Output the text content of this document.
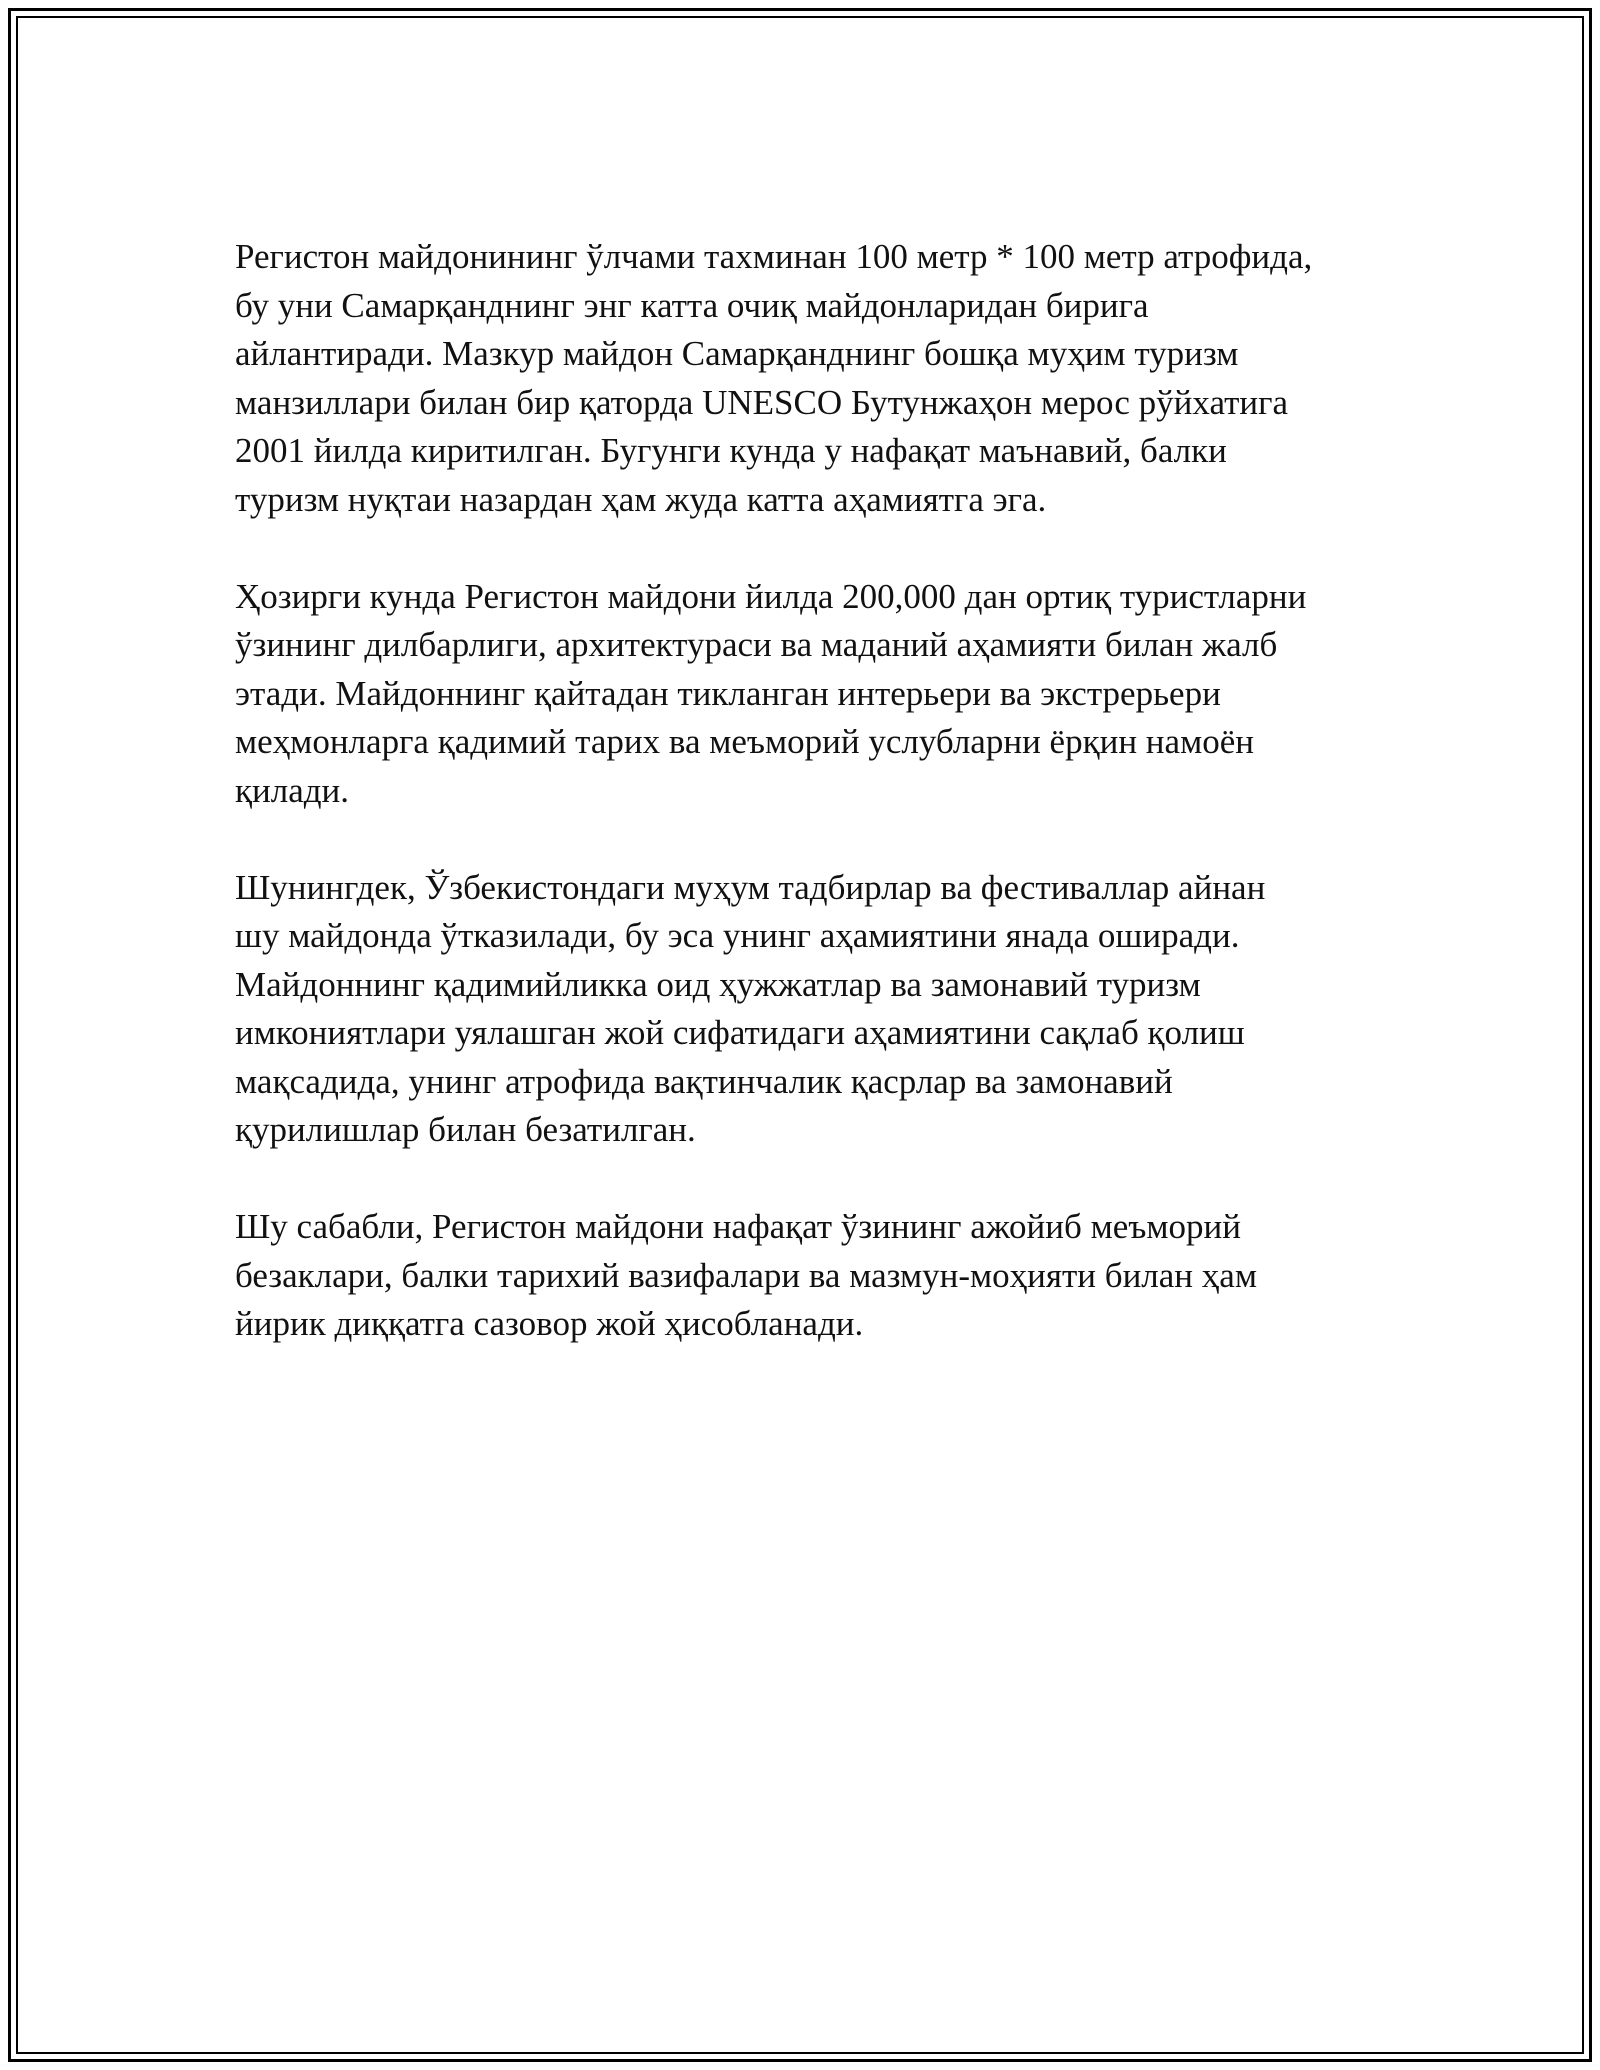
Регистон майдонининг ўлчами тахминан 100 метр * 100 метр атрофида,
бу уни Самарқанднинг энг катта очиқ майдонларидан бирига
айлантиради. Мазкур майдон Самарқанднинг бошқа муҳим туризм
манзиллари билан бир қаторда UNESCO Бутунжаҳон мерос рўйхатига
2001 йилда киритилган. Бугунги кунда у нафақат маънавий, балки
туризм нуқтаи назардан ҳам жуда катта аҳамиятга эга.

Ҳозирги кунда Регистон майдони йилда 200,000 дан ортиқ туристларни
ўзининг дилбарлиги, архитектураси ва маданий аҳамияти билан жалб
этади. Майдоннинг қайтадан тикланган интерьери ва экстрерьери
меҳмонларга қадимий тарих ва меъморий услубларни ёрқин намоён
қилади.

Шунингдек, Ўзбекистондаги муҳум тадбирлар ва фестиваллар айнан
шу майдонда ўтказилади, бу эса унинг аҳамиятини янада оширади.
Майдоннинг қадимийликка оид ҳужжатлар ва замонавий туризм
имкониятлари уялашган жой сифатидаги аҳамиятини сақлаб қолиш
мақсадида, унинг атрофида вақтинчалик қасрлар ва замонавий
қурилишлар билан безатилган.

Шу сабабли, Регистон майдони нафақат ўзининг ажойиб меъморий
безаклари, балки тарихий вазифалари ва мазмун-моҳияти билан ҳам
йирик диққатга сазовор жой ҳисобланади.
